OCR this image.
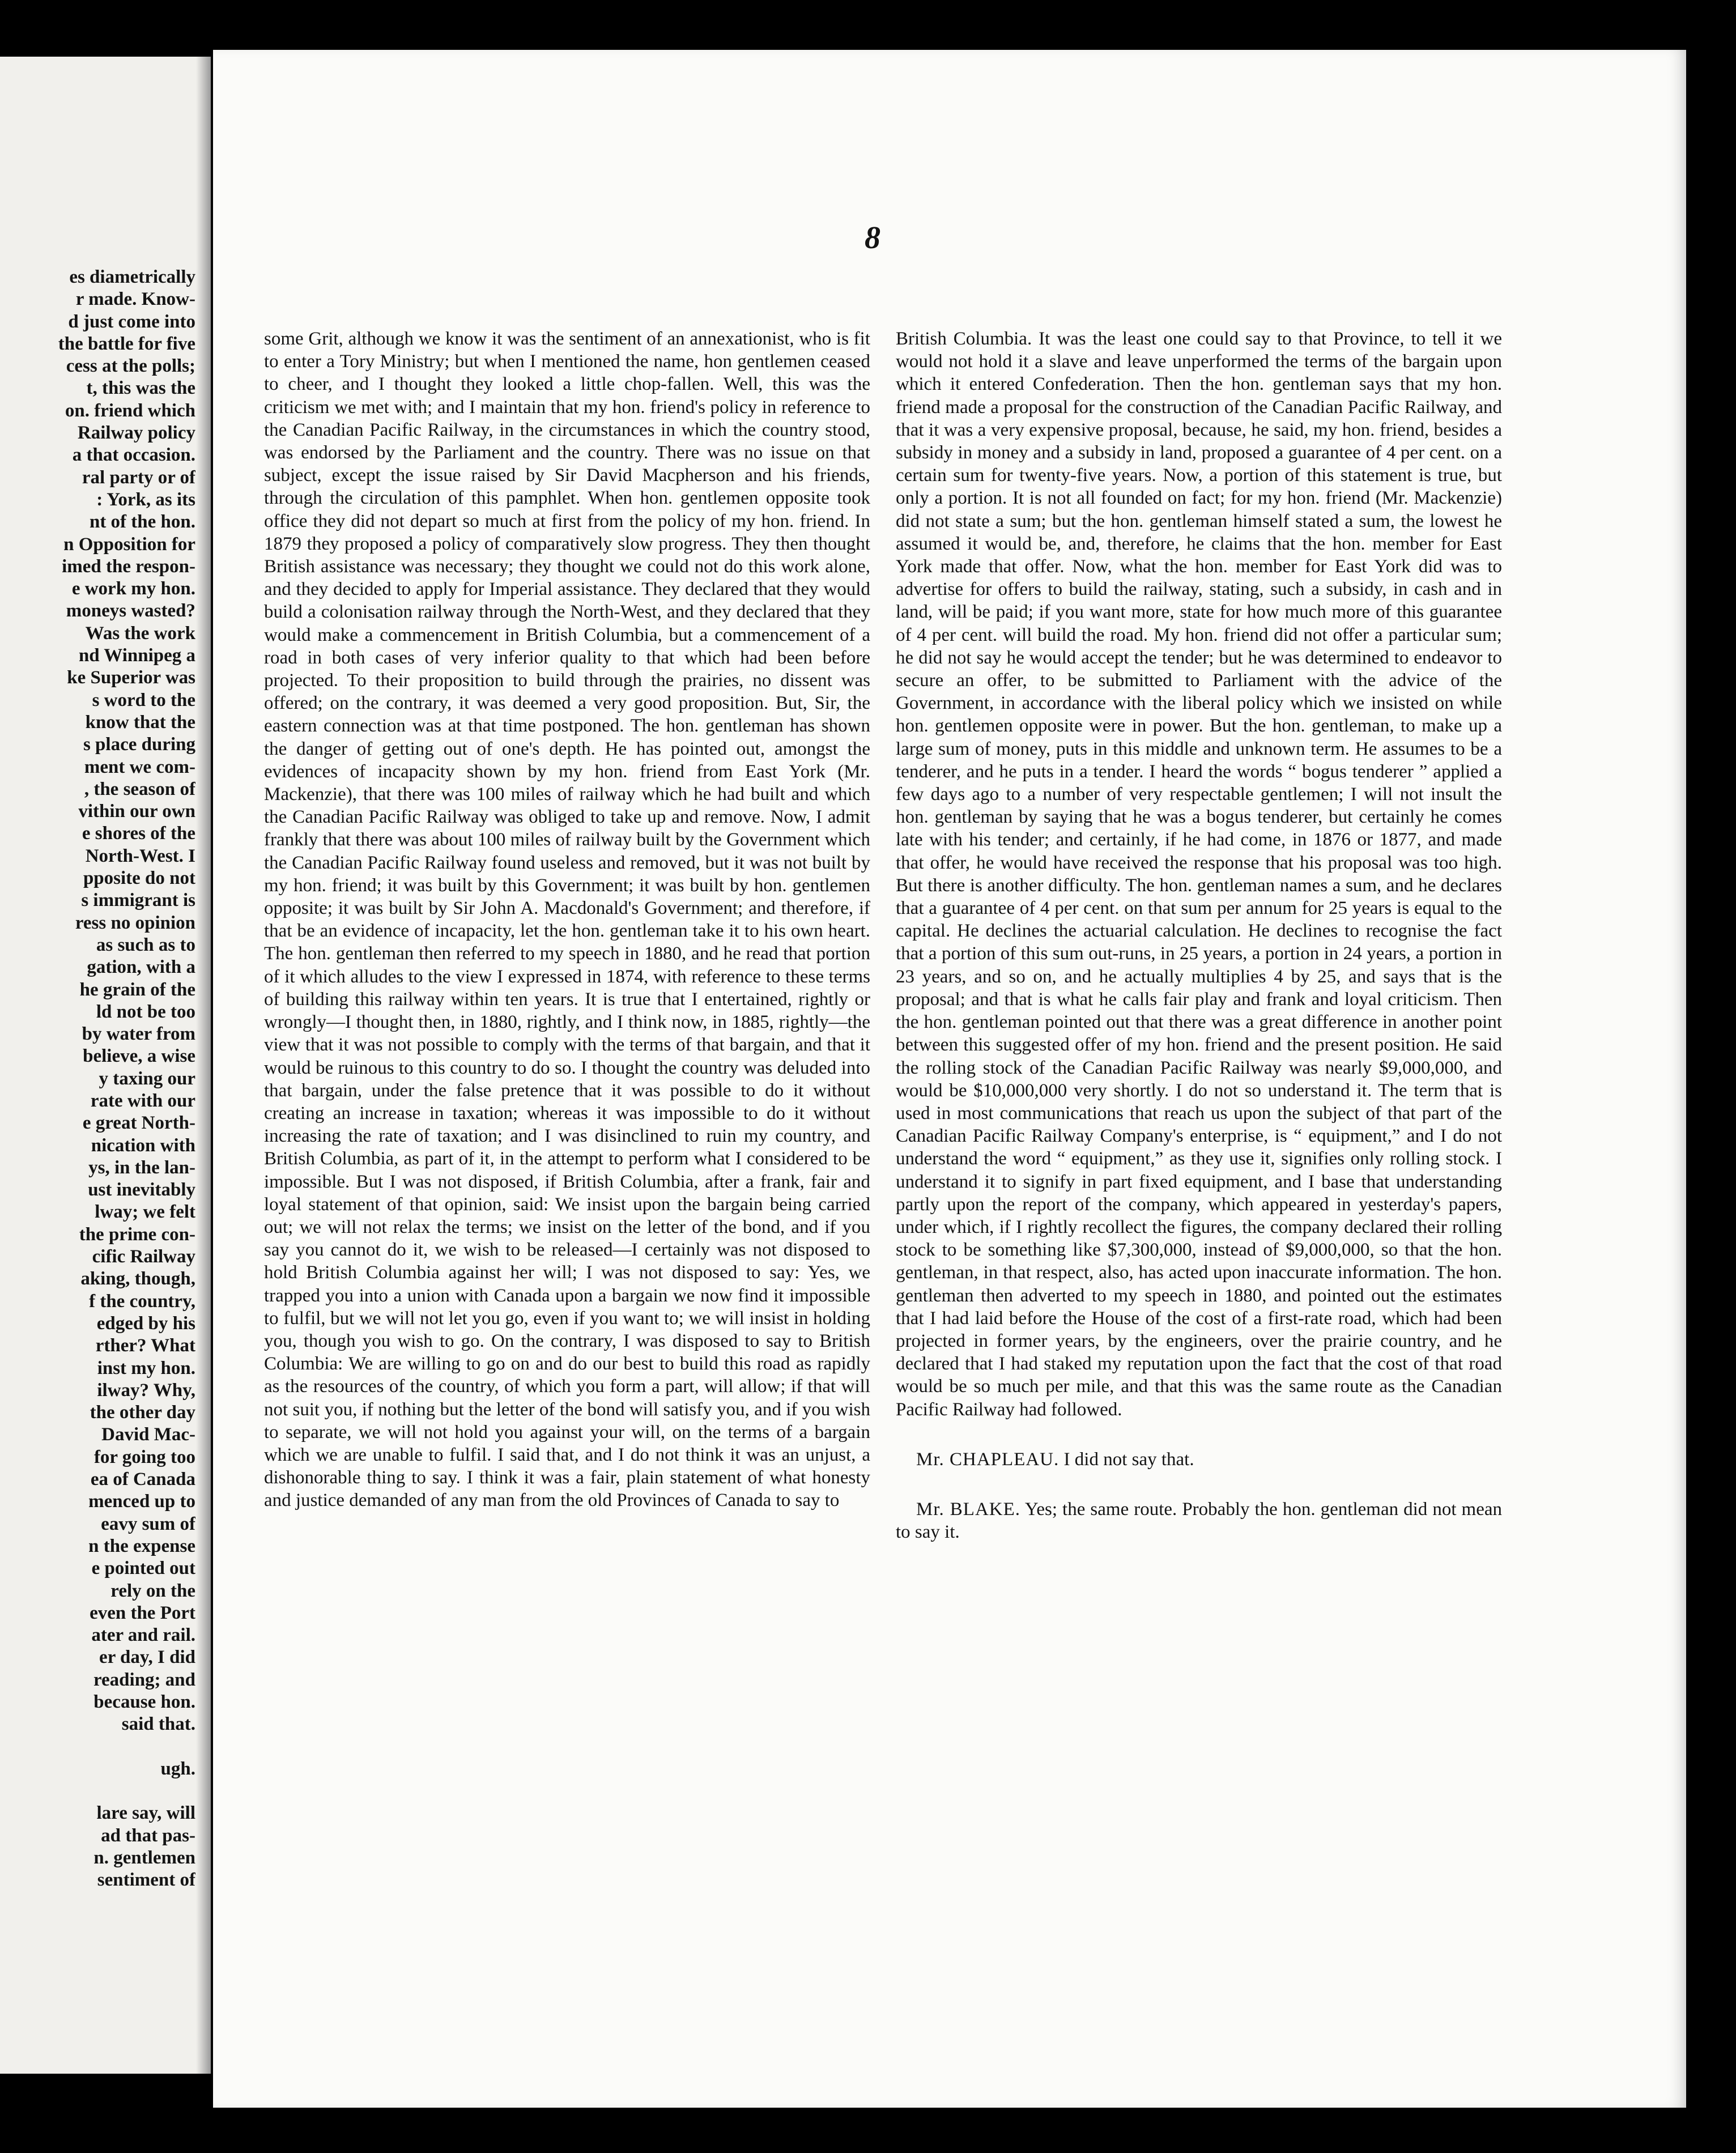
es diametrically
r made. Know-
d just come into
the battle for five
cess at the polls;
t, this was the
on. friend which
Railway policy
a that occasion.
ral party or of
: York, as its
nt of the hon.
n Opposition for
imed the respon-
e work my hon.
moneys wasted?
Was the work
nd Winnipeg a
ke Superior was
s word to the
know that the
s place during
ment we com-
, the season of
vithin our own
e shores of the
North-West. I
pposite do not
s immigrant is
ress no opinion
as such as to
gation, with a
he grain of the
ld not be too
by water from
believe, a wise
y taxing our
rate with our
e great North-
nication with
ys, in the lan-
ust inevitably
lway; we felt
the prime con-
cific Railway
aking, though,
f the country,
edged by his
rther? What
inst my hon.
ilway? Why,
the other day
David Mac-
for going too
ea of Canada
menced up to
eavy sum of
n the expense
e pointed out
rely on the
even the Port
ater and rail.
er day, I did
reading; and
because hon.
said that.

ugh.

lare say, will
ad that pas-
n. gentlemen
sentiment of
8

some Grit, although we know it was the sentiment of an annexationist, who is fit to enter a Tory Ministry; but when I mentioned the name, hon gentlemen ceased to cheer, and I thought they looked a little chop-fallen. Well, this was the criticism we met with; and I maintain that my hon. friend's policy in reference to the Canadian Pacific Railway, in the circumstances in which the country stood, was endorsed by the Parliament and the country. There was no issue on that subject, except the issue raised by Sir David Macpherson and his friends, through the circulation of this pamphlet. When hon. gentlemen opposite took office they did not depart so much at first from the policy of my hon. friend. In 1879 they proposed a policy of comparatively slow progress. They then thought British assistance was necessary; they thought we could not do this work alone, and they decided to apply for Imperial assistance. They declared that they would build a colonisation railway through the North-West, and they declared that they would make a commencement in British Columbia, but a commencement of a road in both cases of very inferior quality to that which had been before projected. To their proposition to build through the prairies, no dissent was offered; on the contrary, it was deemed a very good proposition. But, Sir, the eastern connection was at that time postponed. The hon. gentleman has shown the danger of getting out of one's depth. He has pointed out, amongst the evidences of incapacity shown by my hon. friend from East York (Mr. Mackenzie), that there was 100 miles of railway which he had built and which the Canadian Pacific Railway was obliged to take up and remove. Now, I admit frankly that there was about 100 miles of railway built by the Government which the Canadian Pacific Railway found useless and removed, but it was not built by my hon. friend; it was built by this Government; it was built by hon. gentlemen opposite; it was built by Sir John A. Macdonald's Government; and therefore, if that be an evidence of incapacity, let the hon. gentleman take it to his own heart. The hon. gentleman then referred to my speech in 1880, and he read that portion of it which alludes to the view I expressed in 1874, with reference to these terms of building this railway within ten years. It is true that I entertained, rightly or wrongly—I thought then, in 1880, rightly, and I think now, in 1885, rightly—the view that it was not possible to comply with the terms of that bargain, and that it would be ruinous to this country to do so. I thought the country was deluded into that bargain, under the false pretence that it was possible to do it without creating an increase in taxation; whereas it was impossible to do it without increasing the rate of taxation; and I was disinclined to ruin my country, and British Columbia, as part of it, in the attempt to perform what I considered to be impossible. But I was not disposed, if British Columbia, after a frank, fair and loyal statement of that opinion, said: We insist upon the bargain being carried out; we will not relax the terms; we insist on the letter of the bond, and if you say you cannot do it, we wish to be released—I certainly was not disposed to hold British Columbia against her will; I was not disposed to say: Yes, we trapped you into a union with Canada upon a bargain we now find it impossible to fulfil, but we will not let you go, even if you want to; we will insist in holding you, though you wish to go. On the contrary, I was disposed to say to British Columbia: We are willing to go on and do our best to build this road as rapidly as the resources of the country, of which you form a part, will allow; if that will not suit you, if nothing but the letter of the bond will satisfy you, and if you wish to separate, we will not hold you against your will, on the terms of a bargain which we are unable to fulfil. I said that, and I do not think it was an unjust, a dishonorable thing to say. I think it was a fair, plain statement of what honesty and justice demanded of any man from the old Provinces of Canada to say to

British Columbia. It was the least one could say to that Province, to tell it we would not hold it a slave and leave unperformed the terms of the bargain upon which it entered Confederation. Then the hon. gentleman says that my hon. friend made a proposal for the construction of the Canadian Pacific Railway, and that it was a very expensive proposal, because, he said, my hon. friend, besides a subsidy in money and a subsidy in land, proposed a guarantee of 4 per cent. on a certain sum for twenty-five years. Now, a portion of this statement is true, but only a portion. It is not all founded on fact; for my hon. friend (Mr. Mackenzie) did not state a sum; but the hon. gentleman himself stated a sum, the lowest he assumed it would be, and, therefore, he claims that the hon. member for East York made that offer. Now, what the hon. member for East York did was to advertise for offers to build the railway, stating, such a subsidy, in cash and in land, will be paid; if you want more, state for how much more of this guarantee of 4 per cent. will build the road. My hon. friend did not offer a particular sum; he did not say he would accept the tender; but he was determined to endeavor to secure an offer, to be submitted to Parliament with the advice of the Government, in accordance with the liberal policy which we insisted on while hon. gentlemen opposite were in power. But the hon. gentleman, to make up a large sum of money, puts in this middle and unknown term. He assumes to be a tenderer, and he puts in a tender. I heard the words “ bogus tenderer ” applied a few days ago to a number of very respectable gentlemen; I will not insult the hon. gentleman by saying that he was a bogus tenderer, but certainly he comes late with his tender; and certainly, if he had come, in 1876 or 1877, and made that offer, he would have received the response that his proposal was too high. But there is another difficulty. The hon. gentleman names a sum, and he declares that a guarantee of 4 per cent. on that sum per annum for 25 years is equal to the capital. He declines the actuarial calculation. He declines to recognise the fact that a portion of this sum out-runs, in 25 years, a portion in 24 years, a portion in 23 years, and so on, and he actually multiplies 4 by 25, and says that is the proposal; and that is what he calls fair play and frank and loyal criticism. Then the hon. gentleman pointed out that there was a great difference in another point between this suggested offer of my hon. friend and the present position. He said the rolling stock of the Canadian Pacific Railway was nearly $9,000,000, and would be $10,000,000 very shortly. I do not so understand it. The term that is used in most communications that reach us upon the subject of that part of the Canadian Pacific Railway Company's enterprise, is “ equipment,” and I do not understand the word “ equipment,” as they use it, signifies only rolling stock. I understand it to signify in part fixed equipment, and I base that understanding partly upon the report of the company, which appeared in yesterday's papers, under which, if I rightly recollect the figures, the company declared their rolling stock to be something like $7,300,000, instead of $9,000,000, so that the hon. gentleman, in that respect, also, has acted upon inaccurate information. The hon. gentleman then adverted to my speech in 1880, and pointed out the estimates that I had laid before the House of the cost of a first-rate road, which had been projected in former years, by the engineers, over the prairie country, and he declared that I had staked my reputation upon the fact that the cost of that road would be so much per mile, and that this was the same route as the Canadian Pacific Railway had followed.

Mr. CHAPLEAU. I did not say that.

Mr. BLAKE. Yes; the same route. Probably the hon. gentleman did not mean to say it.
